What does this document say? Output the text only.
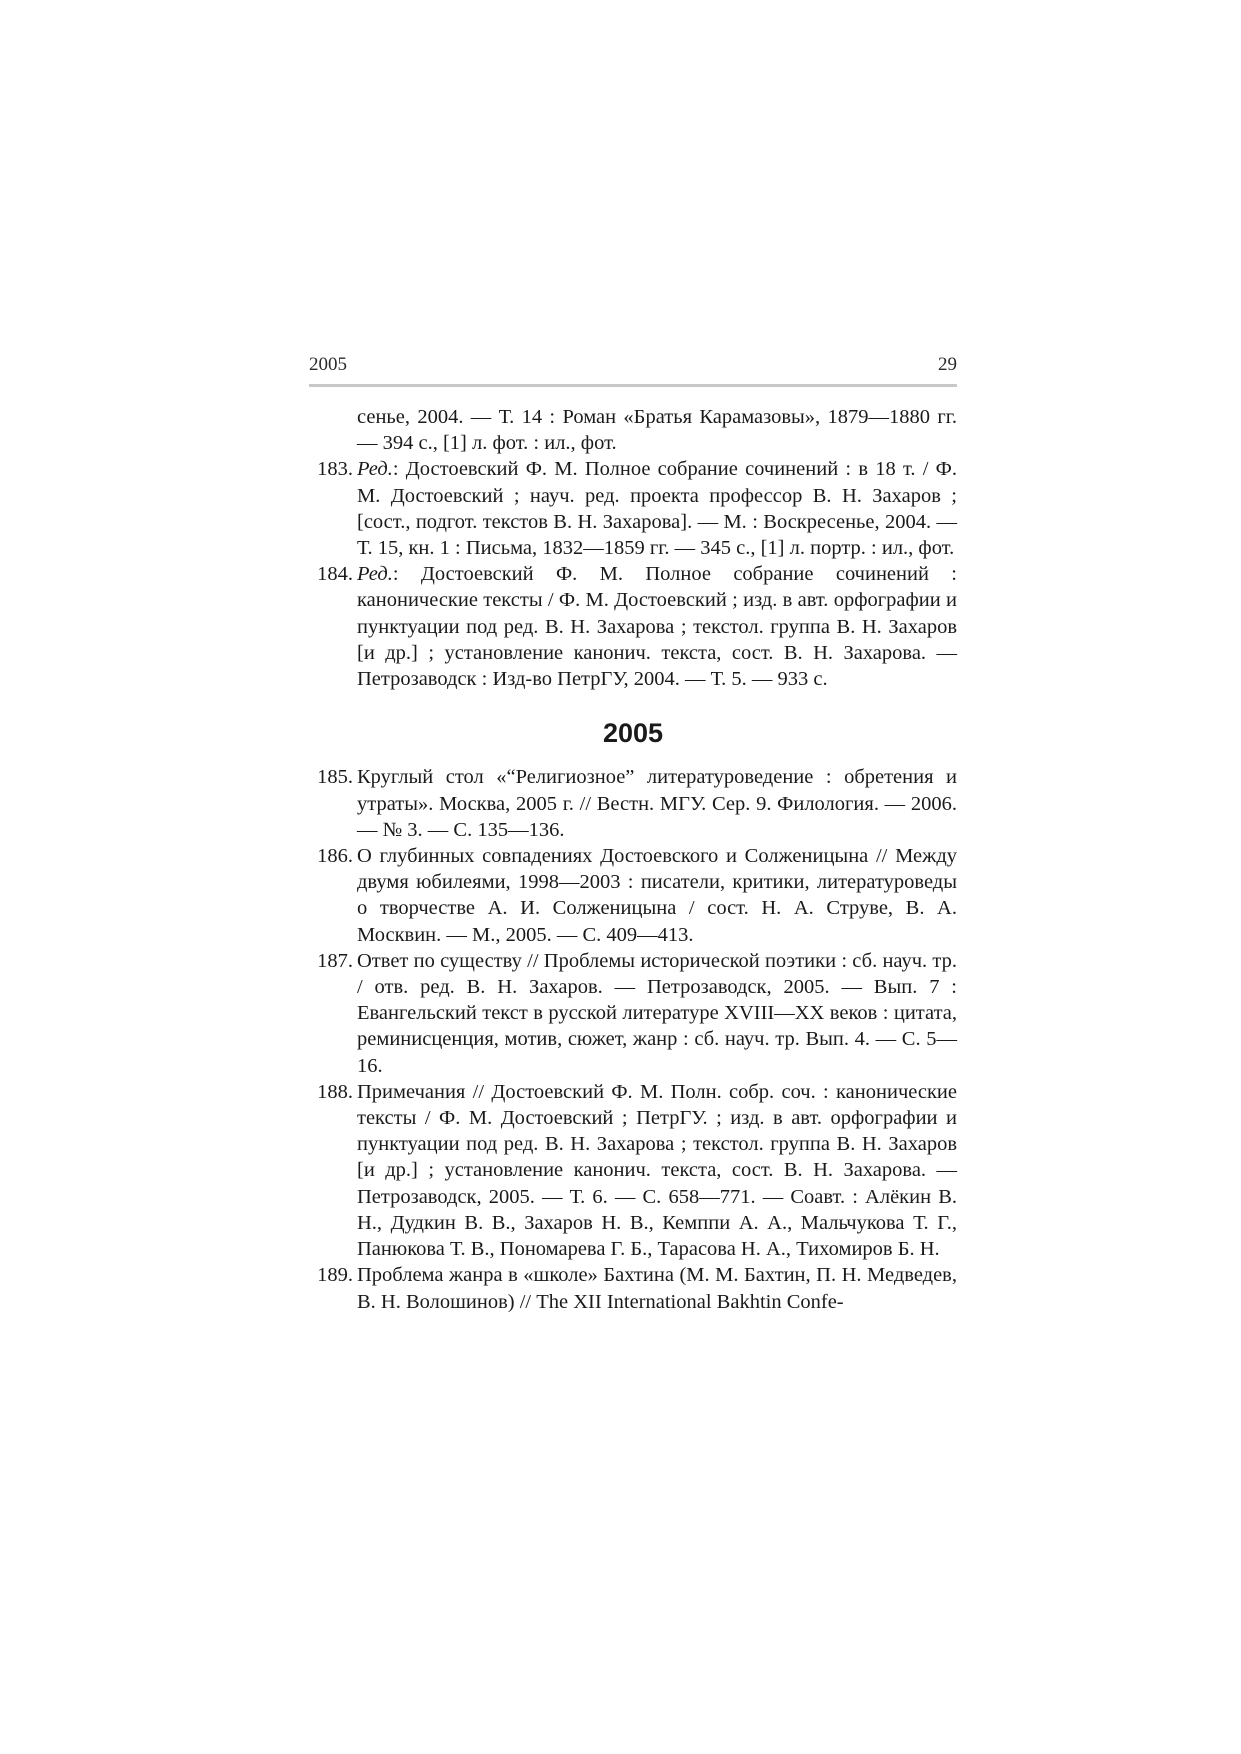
2005	29

сенье, 2004. — Т. 14 : Роман «Братья Карамазовы», 1879—1880 гг. — 394 с., [1] л. фот. : ил., фот.

183. Ред.: Достоевский Ф. М. Полное собрание сочинений : в 18 т. / Ф. М. Достоевский ; науч. ред. проекта профессор В. Н. Захаров ; [сост., подгот. текстов В. Н. Захарова]. — М. : Воскресенье, 2004. — Т. 15, кн. 1 : Письма, 1832—1859 гг. — 345 с., [1] л. портр. : ил., фот.

184. Ред.: Достоевский Ф. М. Полное собрание сочинений : канонические тексты / Ф. М. Достоевский ; изд. в авт. орфографии и пунктуации под ред. В. Н. Захарова ; текстол. группа В. Н. Захаров [и др.] ; установление канонич. текста, сост. В. Н. Захарова. — Петрозаводск : Изд-во ПетрГУ, 2004. — Т. 5. — 933 с.

2005

185. Круглый стол «“Религиозное” литературоведение : обретения и утраты». Москва, 2005 г. // Вестн. МГУ. Сер. 9. Филология. — 2006. — № 3. — С. 135—136.

186. О глубинных совпадениях Достоевского и Солженицына // Между двумя юбилеями, 1998—2003 : писатели, критики, литературоведы о творчестве А. И. Солженицына / сост. Н. А. Струве, В. А. Москвин. — М., 2005. — С. 409—413.

187. Ответ по существу // Проблемы исторической поэтики : сб. науч. тр. / отв. ред. В. Н. Захаров. — Петрозаводск, 2005. — Вып. 7 : Евангельский текст в русской литературе XVIII—XX веков : цитата, реминисценция, мотив, сюжет, жанр : сб. науч. тр. Вып. 4. — С. 5—16.

188. Примечания // Достоевский Ф. М. Полн. собр. соч. : канонические тексты / Ф. М. Достоевский ; ПетрГУ. ; изд. в авт. орфографии и пунктуации под ред. В. Н. Захарова ; текстол. группа В. Н. Захаров [и др.] ; установление канонич. текста, сост. В. Н. Захарова. — Петрозаводск, 2005. — Т. 6. — С. 658—771. — Соавт. : Алёкин В. Н., Дудкин В. В., Захаров Н. В., Кемппи А. А., Мальчукова Т. Г., Панюкова Т. В., Пономарева Г. Б., Тарасова Н. А., Тихомиров Б. Н.

189. Проблема жанра в «школе» Бахтина (М. М. Бахтин, П. Н. Медведев, В. Н. Волошинов) // The XII International Bakhtin Confe-
